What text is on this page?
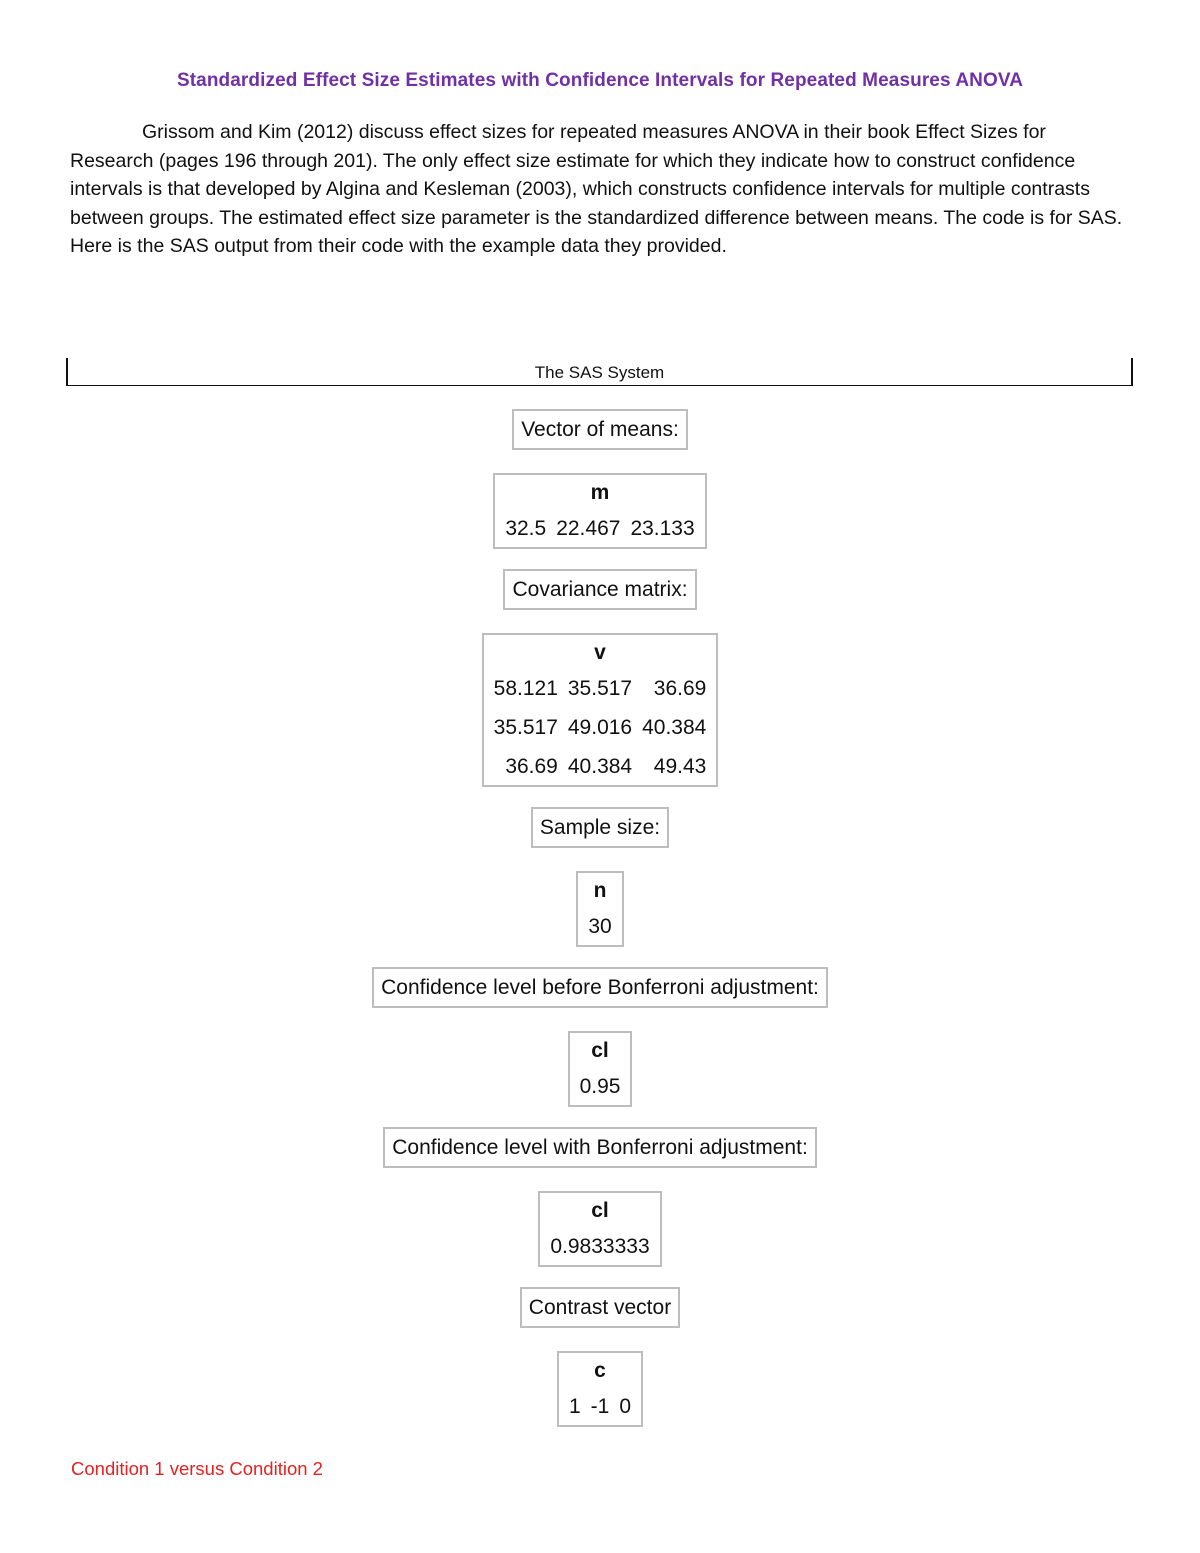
Standardized Effect Size Estimates with Confidence Intervals for Repeated Measures ANOVA

Grissom and Kim (2012) discuss effect sizes for repeated measures ANOVA in their book Effect Sizes for Research (pages 196 through 201). The only effect size estimate for which they indicate how to construct confidence intervals is that developed by Algina and Kesleman (2003), which constructs confidence intervals for multiple contrasts between groups. The estimated effect size parameter is the standardized difference between means. The code is for SAS. Here is the SAS output from their code with the example data they provided.

The SAS System
Vector of means:
m
32.5	22.467	23.133
Covariance matrix:
v		
58.121	35.517	36.69
35.517	49.016	40.384
36.69	40.384	49.43
Sample size:
n
30
Confidence level before Bonferroni adjustment:
cl
0.95
Confidence level with Bonferroni adjustment:
cl
0.9833333
Contrast vector
c
1	-1	0
Condition 1 versus Condition 2
